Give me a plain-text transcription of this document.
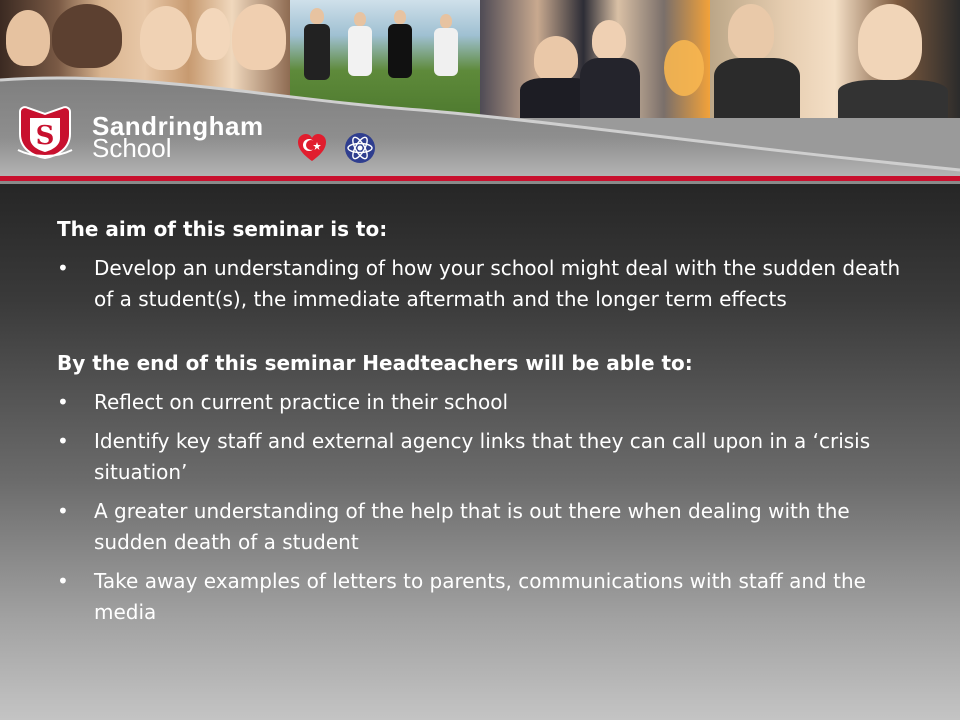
S Sandringham
School
The aim of this seminar is to:
• Develop an understanding of how your school might deal with the sudden death of a student(s), the immediate aftermath and the longer term effects
By the end of this seminar Headteachers will be able to:
• Reflect on current practice in their school
• Identify key staff and external agency links that they can call upon in a ‘crisis situation’
• A greater understanding of the help that is out there when dealing with the sudden death of a student
• Take away examples of letters to parents, communications with staff and the media
